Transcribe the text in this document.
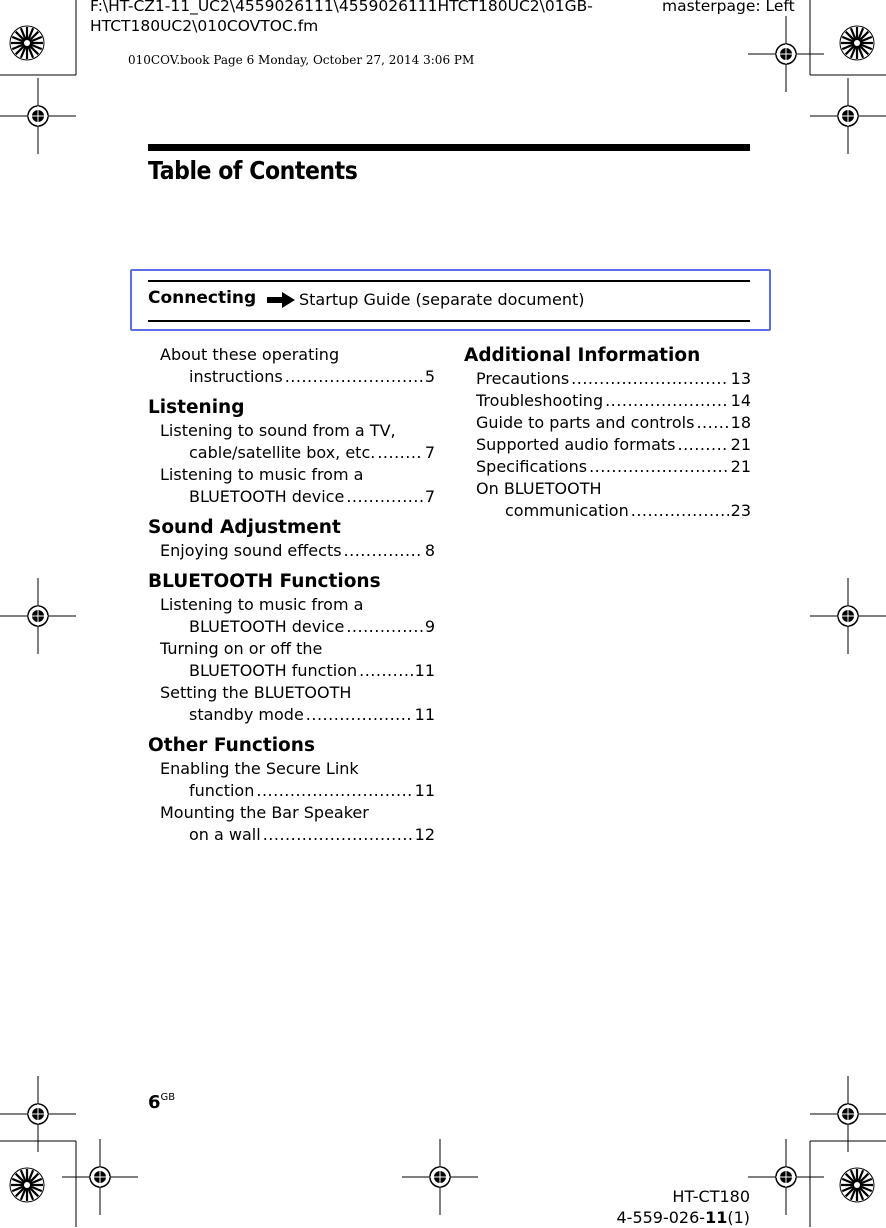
F:\HT-CZ1-11_UC2\4559026111\4559026111HTCT180UC2\01GB-
HTCT180UC2\010COVTOC.fm
masterpage: Left
010COV.book Page 6 Monday, October 27, 2014 3:06 PM
Table of Contents
Connecting	Startup Guide (separate document)
About these operating
instructions .....	5
Listening
Listening to sound from a TV,
cable/satellite box, etc. .....	7
Listening to music from a
BLUETOOTH device .....	7
Sound Adjustment
Enjoying sound effects .....	8
BLUETOOTH Functions
Listening to music from a
BLUETOOTH device .....	9
Turning on or off the
BLUETOOTH function .....	11
Setting the BLUETOOTH
standby mode .....	11
Other Functions
Enabling the Secure Link
function .....	11
Mounting the Bar Speaker
on a wall .....	12
Additional Information
Precautions .....	13
Troubleshooting .....	14
Guide to parts and controls ..... 18
Supported audio formats .....	21
Specifications .....	21
On BLUETOOTH
communication .....	23
$6^{GB}$
HT-CT180
4-559-026-11(1)
